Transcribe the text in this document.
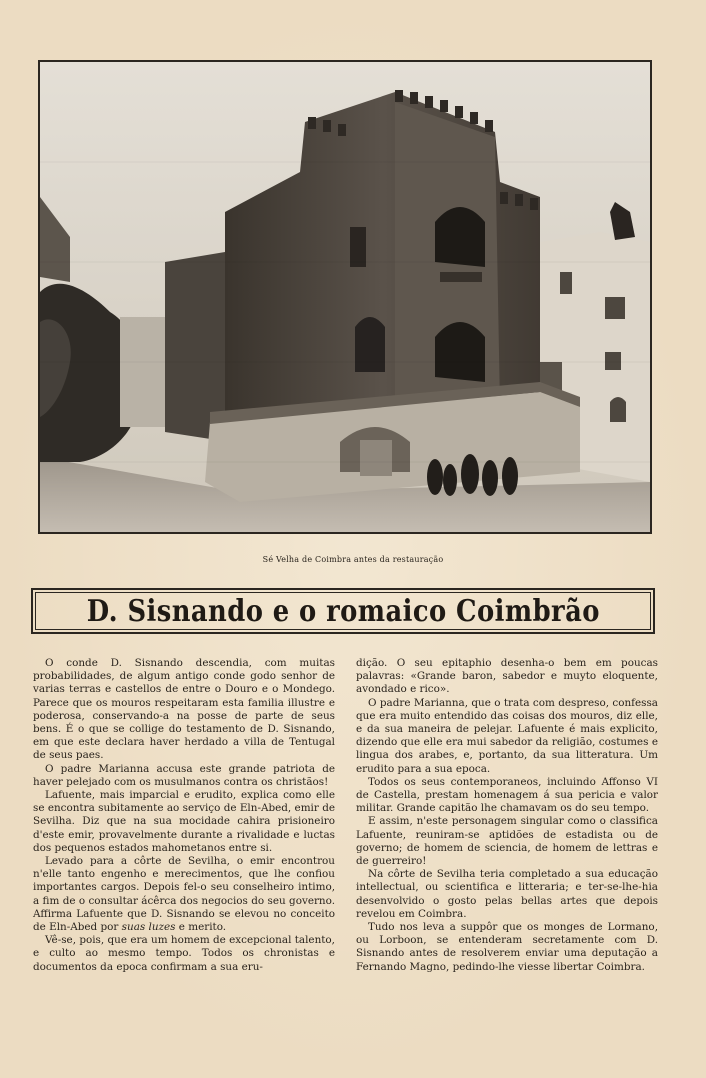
Sé Velha de Coimbra antes da restauração
D. Sisnando e o romaico Coimbrão

O conde D. Sisnando descendia, com muitas probabilidades, de algum antigo conde godo senhor de varias terras e castellos de entre o Douro e o Mondego. Parece que os mouros respeitaram esta familia illustre e poderosa, conservando-a na posse de parte de seus bens. É o que se collige do testamento de D. Sisnando, em que este declara haver herdado a villa de Tentugal de seus paes.

O padre Marianna accusa este grande patriota de haver pelejado com os musulmanos contra os christãos!

Lafuente, mais imparcial e erudito, explica como elle se encontra subitamente ao serviço de Eln-Abed, emir de Sevilha. Diz que na sua mocidade cahira prisioneiro d'este emir, provavelmente durante a rivalidade e luctas dos pequenos estados mahometanos entre si.

Levado para a côrte de Sevilha, o emir encontrou n'elle tanto engenho e merecimentos, que lhe confiou importantes cargos. Depois fel-o seu conselheiro intimo, a fim de o consultar ácêrca dos negocios do seu governo. Affirma Lafuente que D. Sisnando se elevou no conceito de Eln-Abed por suas luzes e merito.

Vê-se, pois, que era um homem de excepcional talento, e culto ao mesmo tempo. Todos os chronistas e documentos da epoca confirmam a sua eru-

dição. O seu epitaphio desenha-o bem em poucas palavras: «Grande baron, sabedor e muyto eloquente, avondado e rico».

O padre Marianna, que o trata com despreso, confessa que era muito entendido das coisas dos mouros, diz elle, e da sua maneira de pelejar. Lafuente é mais explicito, dizendo que elle era mui sabedor da religião, costumes e lingua dos arabes, e, portanto, da sua litteratura. Um erudito para a sua epoca.

Todos os seus contemporaneos, incluindo Affonso VI de Castella, prestam homenagem á sua pericia e valor militar. Grande capitão lhe chamavam os do seu tempo.

E assim, n'este personagem singular como o classifica Lafuente, reuniram-se aptidões de estadista ou de governo; de homem de sciencia, de homem de lettras e de guerreiro!

Na côrte de Sevilha teria completado a sua educação intellectual, ou scientifica e litteraria; e ter-se-lhe-hia desenvolvido o gosto pelas bellas artes que depois revelou em Coimbra.

Tudo nos leva a suppôr que os monges de Lormano, ou Lorboon, se entenderam secretamente com D. Sisnando antes de resolverem enviar uma deputação a Fernando Magno, pedindo-lhe viesse libertar Coimbra.
